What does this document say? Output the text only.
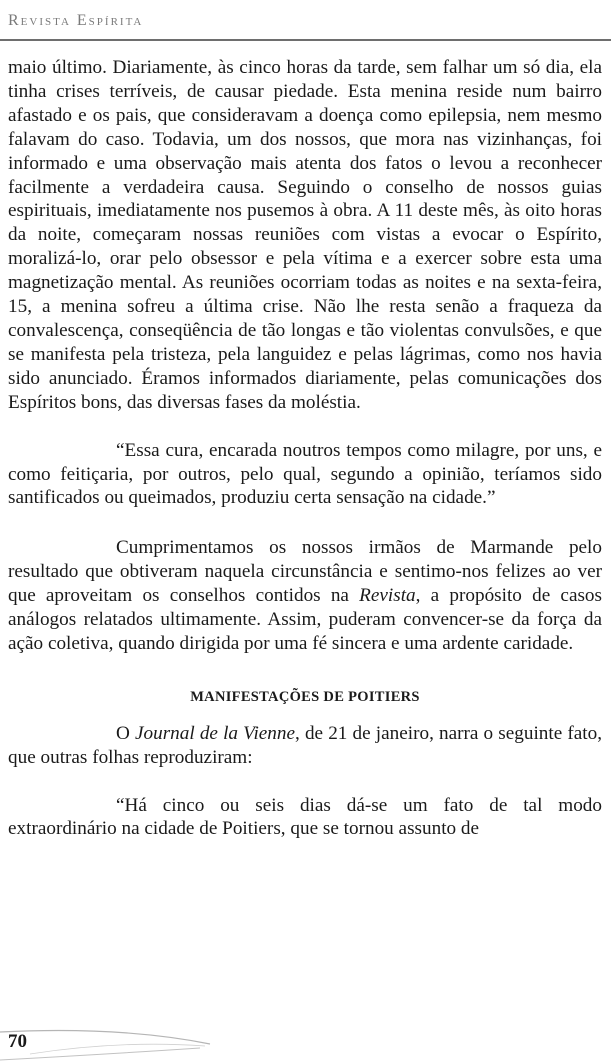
Revista Espírita

maio último. Diariamente, às cinco horas da tarde, sem falhar um só dia, ela tinha crises terríveis, de causar piedade. Esta menina reside num bairro afastado e os pais, que consideravam a doença como epilepsia, nem mesmo falavam do caso. Todavia, um dos nossos, que mora nas vizinhanças, foi informado e uma observação mais atenta dos fatos o levou a reconhecer facilmente a verdadeira causa. Seguindo o conselho de nossos guias espirituais, imediatamente nos pusemos à obra. A 11 deste mês, às oito horas da noite, começaram nossas reuniões com vistas a evocar o Espírito, moralizá-lo, orar pelo obsessor e pela vítima e a exercer sobre esta uma magnetização mental. As reuniões ocorriam todas as noites e na sexta-feira, 15, a menina sofreu a última crise. Não lhe resta senão a fraqueza da convalescença, conseqüência de tão longas e tão violentas convulsões, e que se manifesta pela tristeza, pela languidez e pelas lágrimas, como nos havia sido anunciado. Éramos informados diariamente, pelas comunicações dos Espíritos bons, das diversas fases da moléstia.

“Essa cura, encarada noutros tempos como milagre, por uns, e como feitiçaria, por outros, pelo qual, segundo a opinião, teríamos sido santificados ou queimados, produziu certa sensação na cidade.”

Cumprimentamos os nossos irmãos de Marmande pelo resultado que obtiveram naquela circunstância e sentimo-nos felizes ao ver que aproveitam os conselhos contidos na Revista, a propósito de casos análogos relatados ultimamente. Assim, puderam convencer-se da força da ação coletiva, quando dirigida por uma fé sincera e uma ardente caridade.

MANIFESTAÇÕES DE POITIERS

O Journal de la Vienne, de 21 de janeiro, narra o seguinte fato, que outras folhas reproduziram:

“Há cinco ou seis dias dá-se um fato de tal modo extraordinário na cidade de Poitiers, que se tornou assunto de

70
